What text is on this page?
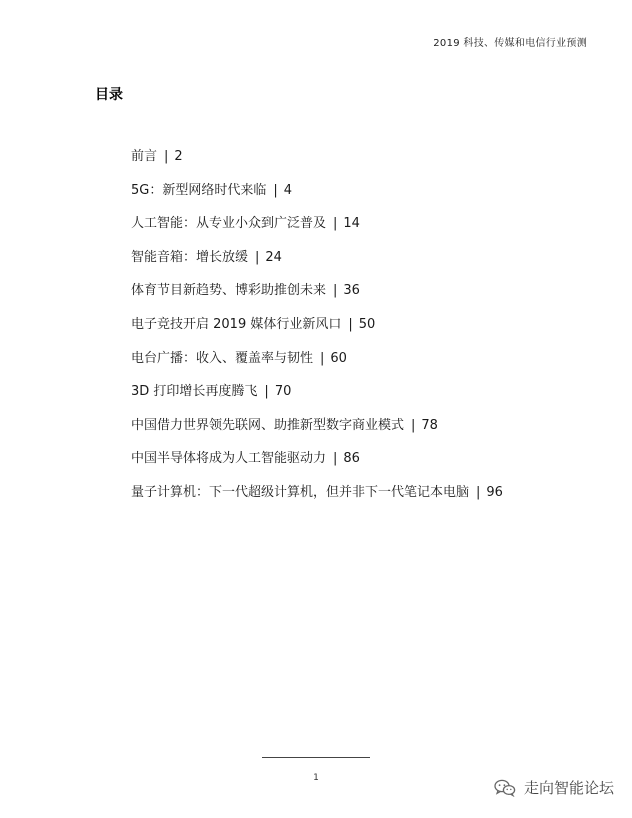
2019 科技、传媒和电信行业预测
目录
前言 | 2
5G：新型网络时代来临 | 4
人工智能：从专业小众到广泛普及 | 14
智能音箱：增长放缓 | 24
体育节目新趋势、博彩助推创未来 | 36
电子竞技开启 2019 媒体行业新风口 | 50
电台广播：收入、覆盖率与韧性 | 60
3D 打印增长再度腾飞 | 70
中国借力世界领先联网、助推新型数字商业模式 | 78
中国半导体将成为人工智能驱动力 | 86
量子计算机：下一代超级计算机，但并非下一代笔记本电脑 | 96
1
走向智能论坛
